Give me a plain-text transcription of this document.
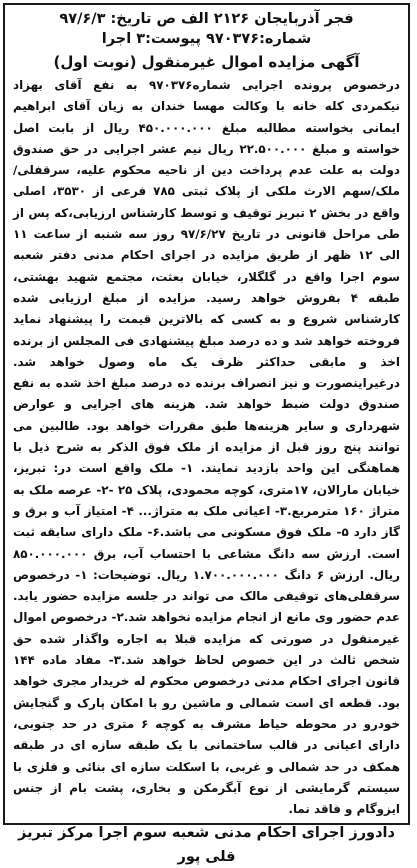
فجر آذربایجان ۲۱۲۶ الف ص تاریخ: ۹۷/۶/۳
شماره:۹۷۰۳۷۶ پیوست:۳ اجرا
آگهی مزایده اموال غیرمنقول (نوبت اول)
درخصوص پرونده اجرایی شماره۹۷۰۳۷۶ به نفع آقای بهزاد نیکمردی کله خانه با وکالت مهسا خندان به زیان آقای ابراهیم ایمانی بخواسته مطالبه مبلغ ۴۵۰.۰۰۰.۰۰۰ ریال از بابت اصل خواسته و مبلغ ۲۲.۵۰۰.۰۰۰ ریال نیم عشر اجرایی در حق صندوق دولت به علت عدم پرداخت دین از ناحیه محکوم علیه، سرقفلی/ ملک/سهم الارث ملکی از پلاک ثبتی ۷۸۵ فرعی از ۳۵۳۰، اصلی واقع در بخش ۲ تبریز توقیف و توسط کارشناس ارزیابی،که پس از طی مراحل قانونی در تاریخ ۹۷/۶/۲۷ روز سه شنبه از ساعت ۱۱ الی ۱۲ ظهر از طریق مزایده در اجرای احکام مدنی دفتر شعبه سوم اجرا واقع در گلگلار، خیابان بعثت، مجتمع شهید بهشتی، طبقه ۴ بفروش خواهد رسید. مزایده از مبلغ ارزیابی شده کارشناس شروع و به کسی که بالاترین قیمت را پیشنهاد نماید فروخته خواهد شد و ده درصد مبلغ پیشنهادی فی المجلس از برنده اخذ و مابقی حداکثر ظرف یک ماه وصول خواهد شد. درغیراینصورت و نیز انصراف برنده ده درصد مبلغ اخذ شده به نفع صندوق دولت ضبط خواهد شد. هزینه های اجرایی و عوارض شهرداری و سایر هزینه‌ها طبق مقررات خواهد بود. طالبین می توانند پنج روز قبل از مزایده از ملک فوق الذکر به شرح ذیل با هماهنگی این واحد بازدید نمایند. ۱- ملک واقع است در: تبریز، خیابان مارالان، ۱۷متری، کوچه محمودی، پلاک ۲۵ -۲- عرصه ملک به متراژ ۱۶۰ مترمربع.۳- اعیانی ملک به متراژ... ۴- امتیاز آب و برق و گاز دارد ۵- ملک فوق مسکونی می باشد.۶- ملک دارای سابقه ثبت است. ارزش سه دانگ مشاعی با احتساب آب، برق ۸۵۰.۰۰۰.۰۰۰ ریال. ارزش ۶ دانگ ۱.۷۰۰.۰۰۰.۰۰۰ ریال. توضیحات: ۱- درخصوص سرقفلی‌های توقیفی مالک می تواند در جلسه مزایده حضور یابد. عدم حضور وی مانع از انجام مزایده نخواهد شد.۲- درخصوص اموال غیرمنقول در صورتی که مزایده قبلا به اجاره واگذار شده حق شخص ثالث در این خصوص لحاظ خواهد شد.۳- مفاد ماده ۱۴۴ قانون اجرای احکام مدنی درخصوص محکوم له خریدار مجری خواهد بود. قطعه ای است شمالی و ماشین رو با امکان پارک و گنجایش خودرو در محوطه حیاط مشرف به کوچه ۶ متری در حد جنوبی، دارای اعیانی در قالب ساختمانی با یک طبقه سازه ای در طبقه همکف در حد شمالی و غربی، با اسکلت سازه ای بنائی و فلزی با سیستم گرمایشی از نوع آبگرمکن و بخاری، پشت بام از جنس ایزوگام و فاقد نما.
دادورز اجرای احکام مدنی شعبه سوم اجرا مرکز تبریز
قلی پور
